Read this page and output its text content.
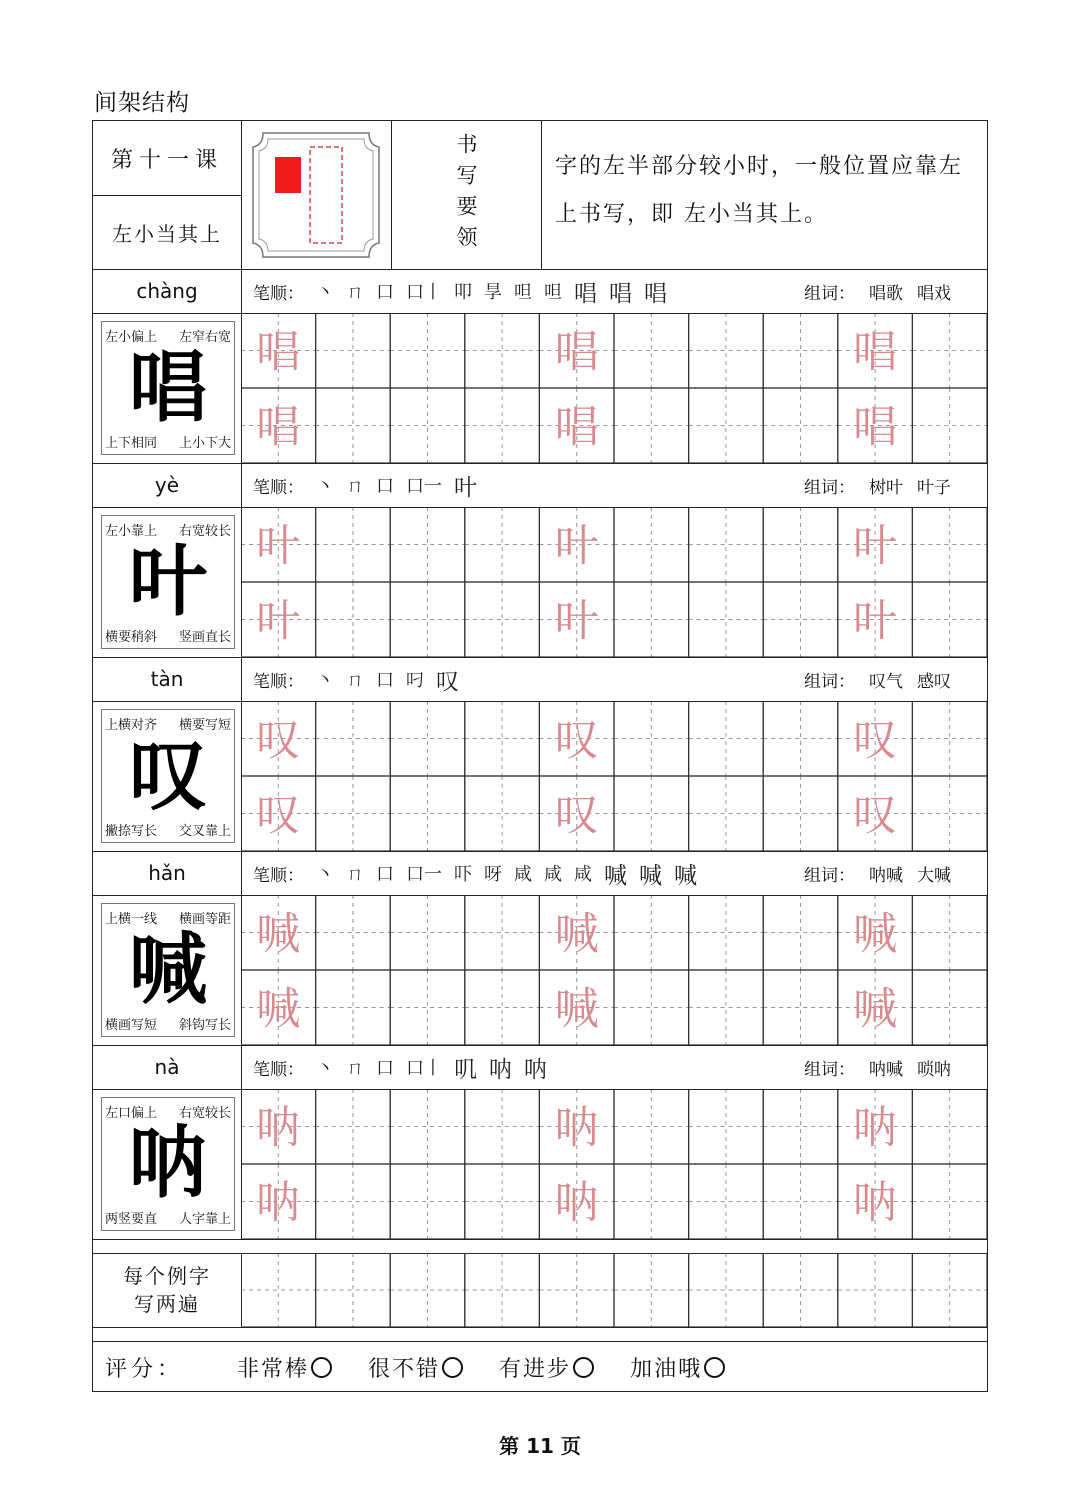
间架结构
第十一课
左小当其上	书写要领	字的左半部分较小时，一般位置应靠左上书写，即 左小当其上。
chàng	笔顺： 丶 ㄇ 口 口丨 叩 㫗 呾 呾 唱 唱 唱	组词： 唱歌 唱戏
左小偏上 左窄右宽
上下相同 上小下大
唱	唱	唱	唱
唱	唱	唱
yè	笔顺： 丶 ㄇ 口 口一 叶	组词： 树叶 叶子
左小靠上 右宽较长
横要稍斜 竖画直长
叶	叶	叶	叶
叶	叶	叶
tàn	笔顺： 丶 ㄇ 口 叼 叹	组词： 叹气 感叹
上横对齐 横要写短
撇捺写长 交叉靠上
叹	叹	叹	叹
叹	叹	叹
hǎn	笔顺： 丶 ㄇ 口 口一 吓 呀 咸 咸 咸 喊 喊 喊	组词： 呐喊 大喊
上横一线 横画等距
横画写短 斜钩写长
喊	喊	喊	喊
喊	喊	喊
nà	笔顺： 丶 ㄇ 口 口丨 叽 呐 呐	组词： 呐喊 唢呐
左口偏上 右宽较长
两竖要直 人字靠上
呐	呐	呐	呐
呐	呐	呐
每个例字
写两遍
评分： 非常棒	很不错	有进步	加油哦
第 11 页
